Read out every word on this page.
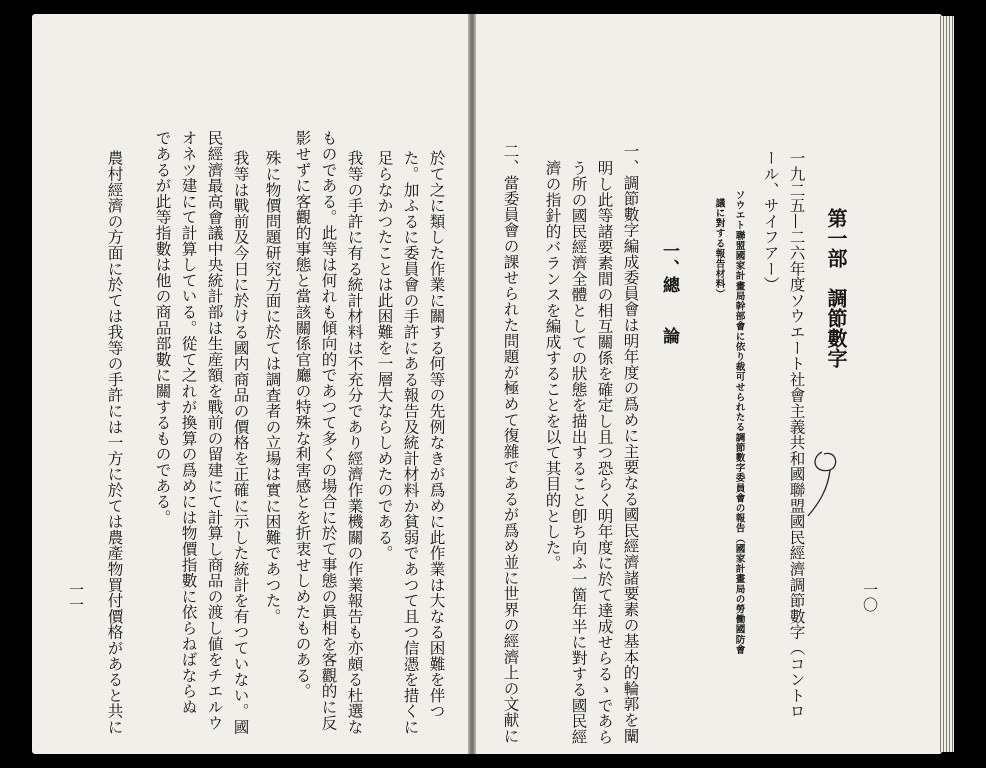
第一部　調節數字
一〇
一九二五—二六年度ソウエート社會主義共和國聯盟國民經濟調節數字（コントロ
ール、サイフアー）
ソウエト聯盟國家計畫局幹部會に依り裁可せられたる調節數字委員會の報告（國家計畫局の勞働國防會
議に對する報告材料）
一、總　　論
一、調節數字編成委員會は明年度の爲めに主要なる國民經濟諸要素の基本的輪郭を闡
明し此等諸要素間の相互關係を確定し且つ恐らく明年度に於て達成せらるゝであら
う所の國民經濟全體としての狀態を描出すること卽ち向ふ一箇年半に對する國民經
濟の指針的バランスを編成することを以て其目的とした。
二、當委員會の課せられた問題が極めて復雜であるが爲め並に世界の經濟上の文献に
於て之に類した作業に關する何等の先例なきが爲めに此作業は大なる困難を伴つ
た。加ふるに委員會の手許にある報告及統計材料か貧弱であつて且つ信憑を措くに
足らなかつたことは此困難を一層大ならしめたのである。
我等の手許に有る統計材料は不充分であり經濟作業機關の作業報告も亦頗る杜選な
ものである。此等は何れも傾向的であつて多くの場合に於て事態の眞相を客觀的に反
影せずに客觀的事態と當該關係官廳の特殊な利害感とを折衷せしめたものある。
殊に物價問題研究方面に於ては調査者の立場は實に困難であつた。
我等は戰前及今日に於ける國内商品の價格を正確に示した統計を有つていない。國
民經濟最高會議中央統計部は生産額を戰前の留建にて計算し商品の渡し値をチエルウ
オネツ建にて計算している。從て之れが換算の爲めには物價指數に依らねばならぬ
であるが此等指數は他の商品部數に關するものである。
農村經濟の方面に於ては我等の手許には一方に於ては農產物買付價格があると共に
一一
